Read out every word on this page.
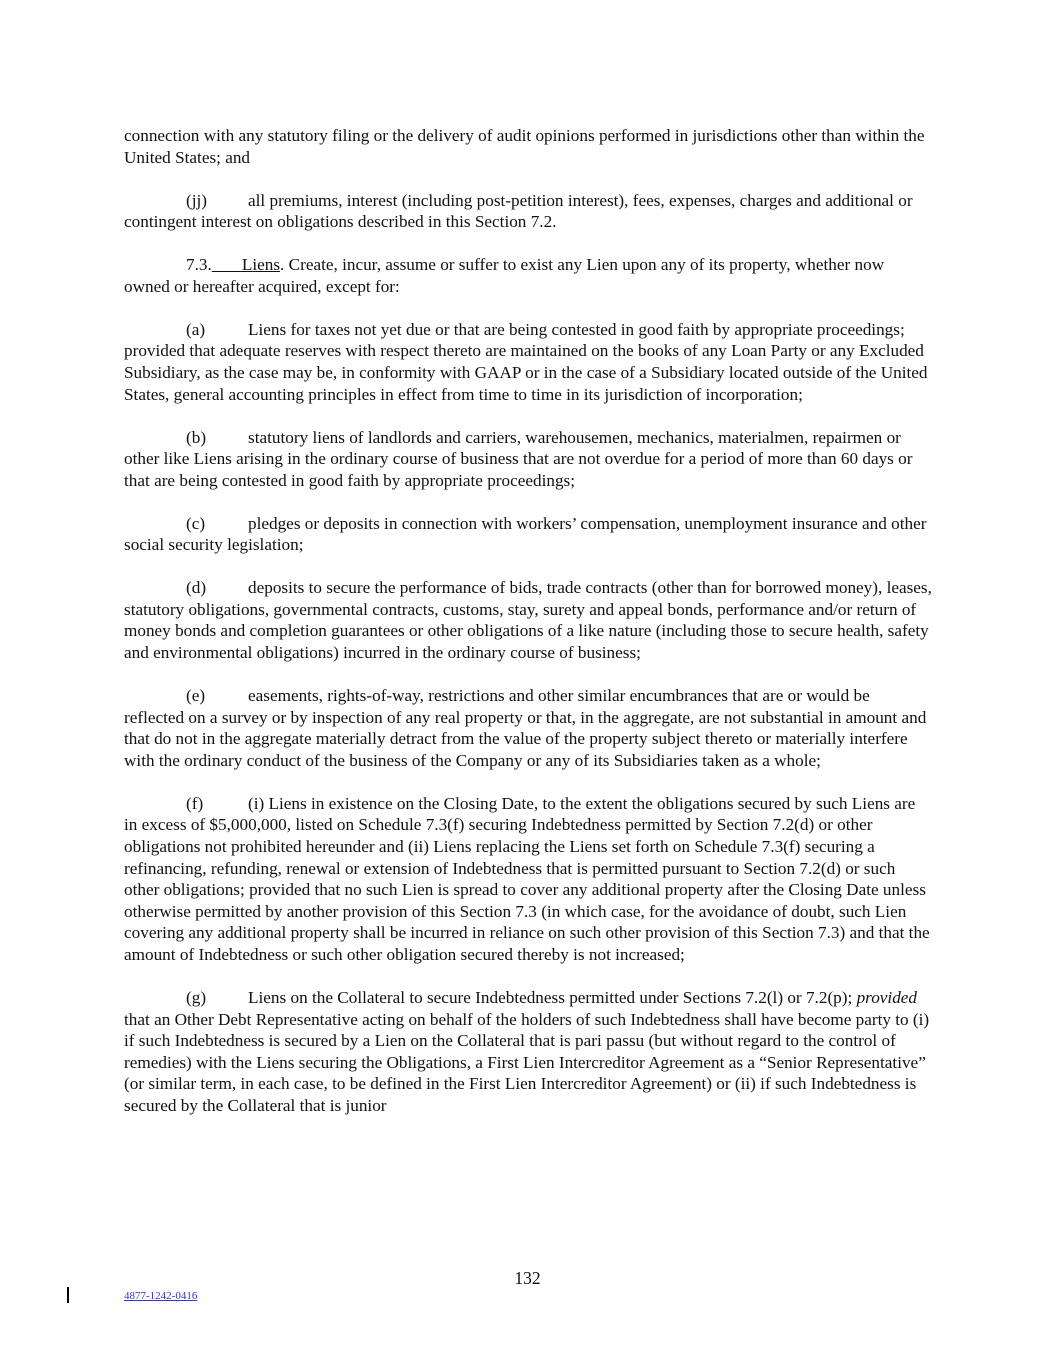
connection with any statutory filing or the delivery of audit opinions performed in jurisdictions other than within the United States; and

(jj) all premiums, interest (including post-petition interest), fees, expenses, charges and additional or contingent interest on obligations described in this Section 7.2.

7.3. Liens. Create, incur, assume or suffer to exist any Lien upon any of its property, whether now owned or hereafter acquired, except for:

(a) Liens for taxes not yet due or that are being contested in good faith by appropriate proceedings; provided that adequate reserves with respect thereto are maintained on the books of any Loan Party or any Excluded Subsidiary, as the case may be, in conformity with GAAP or in the case of a Subsidiary located outside of the United States, general accounting principles in effect from time to time in its jurisdiction of incorporation;

(b) statutory liens of landlords and carriers, warehousemen, mechanics, materialmen, repairmen or other like Liens arising in the ordinary course of business that are not overdue for a period of more than 60 days or that are being contested in good faith by appropriate proceedings;

(c) pledges or deposits in connection with workers’ compensation, unemployment insurance and other social security legislation;

(d) deposits to secure the performance of bids, trade contracts (other than for borrowed money), leases, statutory obligations, governmental contracts, customs, stay, surety and appeal bonds, performance and/or return of money bonds and completion guarantees or other obligations of a like nature (including those to secure health, safety and environmental obligations) incurred in the ordinary course of business;

(e) easements, rights-of-way, restrictions and other similar encumbrances that are or would be reflected on a survey or by inspection of any real property or that, in the aggregate, are not substantial in amount and that do not in the aggregate materially detract from the value of the property subject thereto or materially interfere with the ordinary conduct of the business of the Company or any of its Subsidiaries taken as a whole;

(f)	(i) Liens in existence on the Closing Date, to the extent the obligations secured by such Liens are in excess of $5,000,000, listed on Schedule 7.3(f) securing Indebtedness permitted by Section 7.2(d) or other obligations not prohibited hereunder and (ii) Liens replacing the Liens set forth on Schedule 7.3(f) securing a refinancing, refunding, renewal or extension of Indebtedness that is permitted pursuant to Section 7.2(d) or such other obligations; provided that no such Lien is spread to cover any additional property after the Closing Date unless otherwise permitted by another provision of this Section 7.3 (in which case, for the avoidance of doubt, such Lien covering any additional property shall be incurred in reliance on such other provision of this Section 7.3) and that the amount of Indebtedness or such other obligation secured thereby is not increased;

(g) Liens on the Collateral to secure Indebtedness permitted under Sections 7.2(l) or 7.2(p); provided that an Other Debt Representative acting on behalf of the holders of such Indebtedness shall have become party to (i) if such Indebtedness is secured by a Lien on the Collateral that is pari passu (but without regard to the control of remedies) with the Liens securing the Obligations, a First Lien Intercreditor Agreement as a “Senior Representative” (or similar term, in each case, to be defined in the First Lien Intercreditor Agreement) or (ii) if such Indebtedness is secured by the Collateral that is junior

132
4877-1242-0416
